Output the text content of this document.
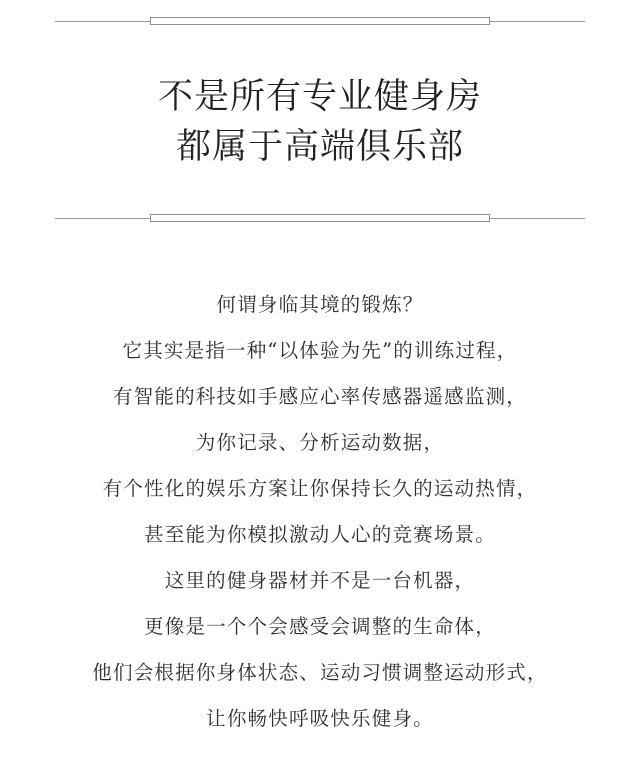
不是所有专业健身房
都属于高端俱乐部
何谓身临其境的锻炼？
它其实是指一种“以体验为先”的训练过程，
有智能的科技如手感应心率传感器遥感监测，
为你记录、分析运动数据，
有个性化的娱乐方案让你保持长久的运动热情，
甚至能为你模拟激动人心的竞赛场景。
这里的健身器材并不是一台机器，
更像是一个个会感受会调整的生命体，
他们会根据你身体状态、运动习惯调整运动形式，
让你畅快呼吸快乐健身。
